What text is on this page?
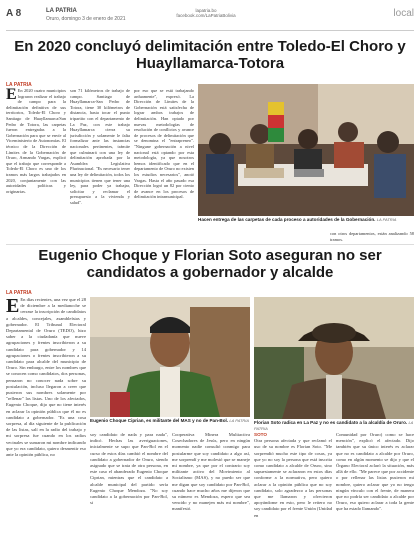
A 8	LA PATRIA
Oruro, domingo 3 de enero de 2021
lapatria.bo
facebook.com/LaPatriaBolivia	local
En 2020 concluyó delimitación entre Toledo-El Choro y Huayllamarca-Totora
LA PATRIA
E En 2020 cuatro municipios lograron realizar el trabajo de campo para la delimitación definitiva de sus territorios, Toledo-El Choro y Santiago de Huayllamarca/San Pedro de Totora, las carpetas fueron entregadas a la Gobernación para que se envíe al Viceministerio de Autonomías. El técnico de la Dirección de Límites de la Gobernación de Oruro, Armando Vargas, explicó que el trabajo que corresponde a Toledo-El Choro es uno de los tramos más largos trabajados en 2020, conjuntamente con las autoridades políticas y originarias.
son 71 kilómetros de trabajo de campo. Santiago de Huayllamarca-San Pedro de Totora, tiene 30 kilómetros de distancia, hasta tocar el punto tripartito con el departamento de La Paz, con este trabajo Huayllamarca cierra su jurisdicción y solamente le falta formalizar ante las instancias nacionales pertinentes, trámite que culminará con una ley de delimitación aprobada por la Asamblea Legislativa Plurinacional. "Es necesario tener una ley de delimitación, todos los municipios tienen que tener una ley, para poder ya trabajar, solicitar y reclamar el presupuesto a la vivienda y salud".
por eso que se está trabajando arduamente", expresó. La Dirección de Límites de la Gobernación está satisfecha de lograr ambos trabajos de delimitación. Han optado por nuevas metodologías de resolución de conflictos y avance de procesos de delimitación que se denomina el "entrapreneo". "Ningune gobernación a nivel nacional está optando por esta metodología, ya que nosotros hemos identificado que en el departamento de Oruro no existen los estudios necesarios", anotó Vargas. Hasta el año pasado esa Dirección logró un 82 por ciento de avance en los procesos de delimitación intramunicipal.
Hacen entrega de las carpetas de cada proceso a autoridades de la Gobernación. LA PATRIA
con otros departamentos, están analizando 58 tramos.
Eugenio Choque y Florian Soto aseguran no ser candidatos a gobernador y alcalde
LA PATRIA
E En días recientes, una vez que el 28 de diciembre a la medianoche se cerrase la inscripción de candidatos a alcaldes, concejales, asambleístas y gobernador. El Tribunal Electoral Departamental de Oruro (TEDO), hizo saber a la ciudadanía que nueve agrupaciones y frentes inscribieron a su candidato para gobernador y 14 agrupaciones o frentes inscribieron a su candidato para alcalde del municipio de Oruro. Sin embargo, entre los nombres que se conocen como candidatos, dos personas, pensaron no conocer nada sobre su postulación, incluso llegaron a creer que pusieron sus nombres solamente por "rellenar" las listas. Uno de los afectados, Eugenio Choque, dijo que no tiene interés en aclarar la opinión pública que él no es candidato a gobernador. "Es una cosa sorpresa, al día siguiente de la publicación de las listas, salí en la radio del trabajo y mi sorpresa fue cuando en los radios vecinales se sumaron mi nombre indicando que yo era candidato, quiero desmentir eso ante la opinión pública, no
Eugenio Choque Ciprian, es militante del MAS y no de Pan-Bol. LA PATRIA Florian Soto radica en La Paz y no es candidato a la alcaldía de Oruro. LA PATRIA
soy candidato de nada y para nada", indicó. Hechas las averiguaciones, inicialmente se supo que Pan-Bol en el curso de estos días cambió el nombre del candidato a gobernador de Oruro, siendo asignado que se trata de otra persona, en este caso el abanderado Eugenio Choque Ciprian, mientras que el candidato a alcalde municipal del partido sería Eugenio Choque Mendoza. "No soy candidato a la gobernación por Pan-Bol, si
Cooperativa Minera Multiactiva Cosechadores de Jesús, pero en ningún momento nadie consultó conmigo para postularme que soy candidato a algo así, me sorprendí y me molestó que se maneje mi nombre, ya que por el contrario soy militante activo del Movimiento al Socialismo (MAS), y no puedo ser que me digan que soy candidato por Pan-Bol, cuando hace mucho años me dijeron que su número es Mendoza, espero que sea vencido y no manejen más mi nombre", manifestó.
SOTO
Otra persona afectada y que reclamó el uso de su nombre es Florian Soto. "Me sorprendió mucho este tipo de cosas, ya que yo no soy la persona que está inscrita como candidato a alcalde de Oruro, sino supuestamente se aclararon en estos días conforme a la normativa, pero quiero aclarar a la opinión pública que no soy candidato, solo agradezco a las personas que me llamaron y ofrecieron apoyándome en esto, pero le reitero no soy candidato por el frente Unión (Unidad en
Comunidad por Oruro) como se hace mención", explicó el afectado. Dijo también que su único interés es aclarar que no es candidato a alcalde por Oruro, como en algún momento se dijo y que el Órgano Electoral aclaró la situación, más allá de ello. "Me parece que por accidente o por rellenar las listas pusieron mi nombre, quiero aclarar que yo no tengo ningún vínculo con el frente, de manera que no podría ser candidato a alcalde por Oruro, eso quiero aclarar a toda la gente que ha estado llamando".
